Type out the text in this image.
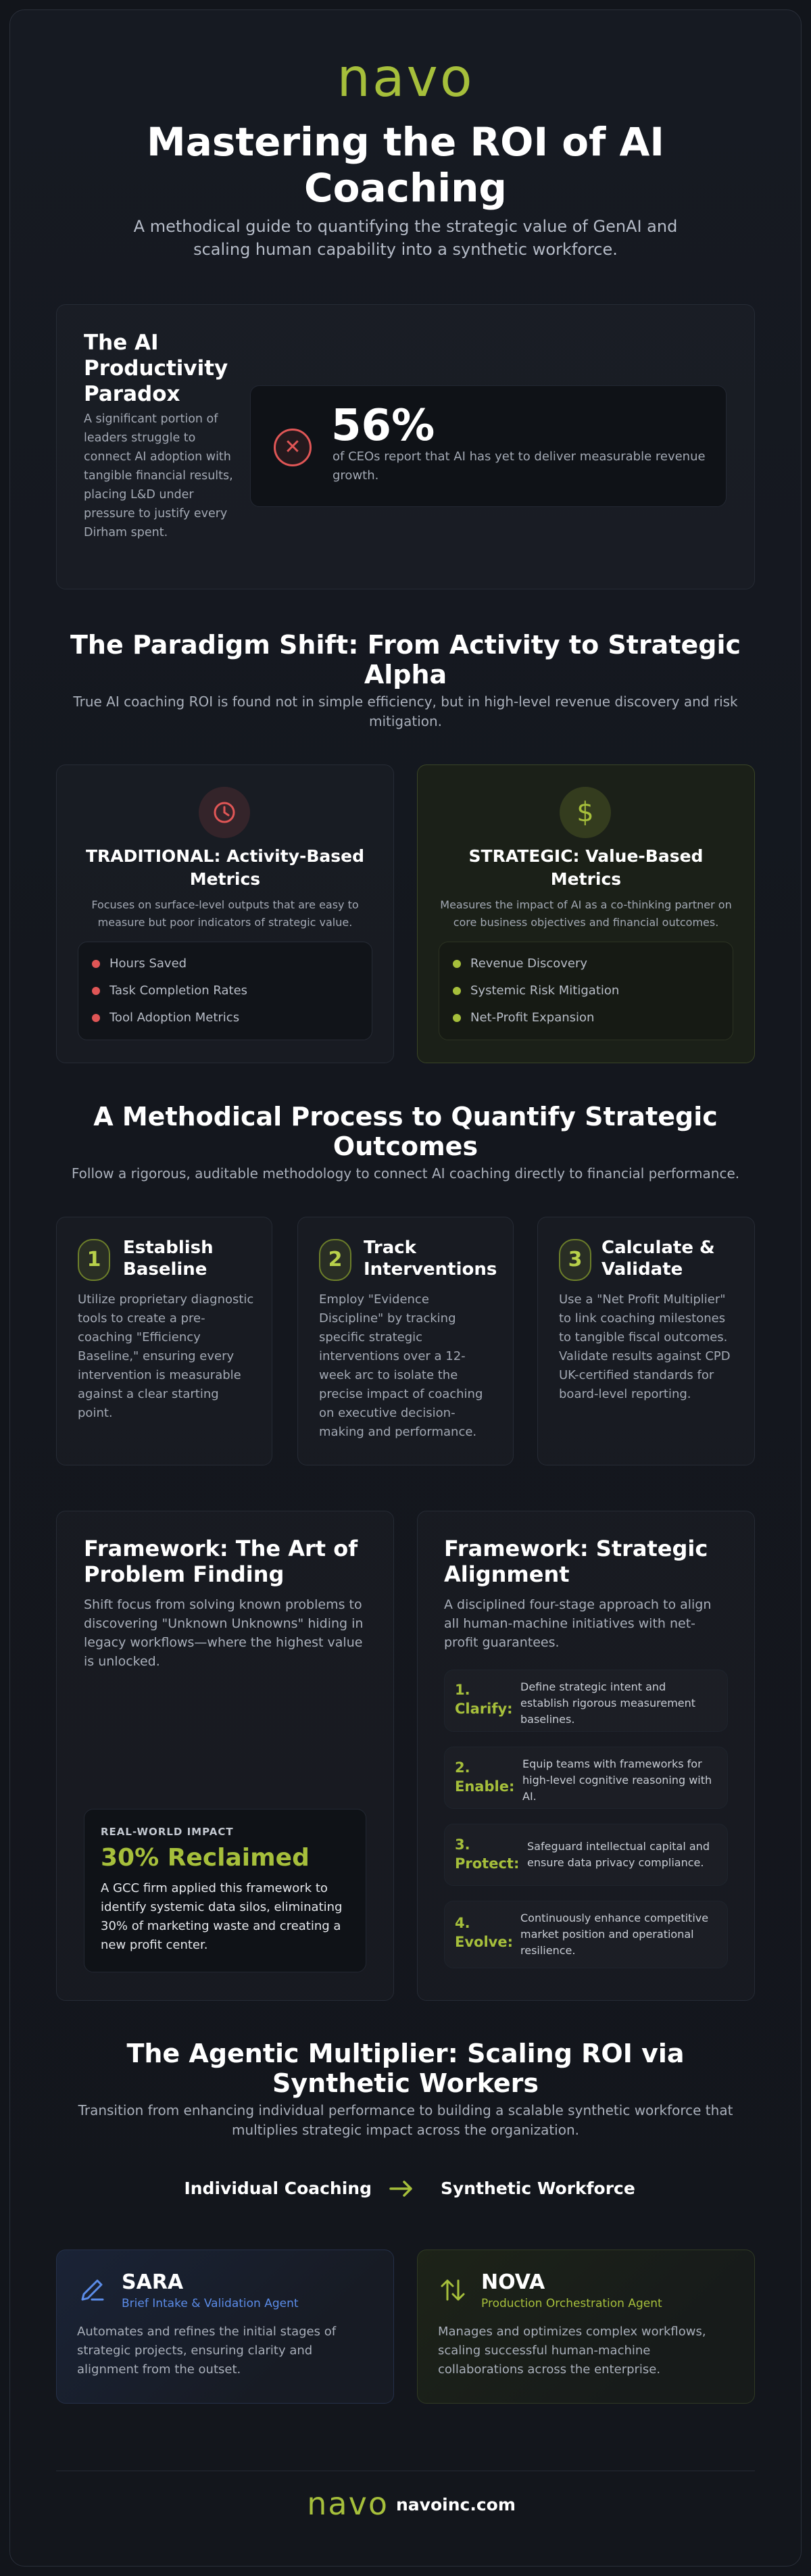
navo
Mastering the ROI of AI Coaching
A methodical guide to quantifying the strategic value of GenAI and scaling human capability into a synthetic workforce.
The AI Productivity Paradox
A significant portion of leaders struggle to connect AI adoption with tangible financial results, placing L&D under pressure to justify every Dirham spent.
✕ 56%
of CEOs report that AI has yet to deliver measurable revenue growth.
The Paradigm Shift: From Activity to Strategic Alpha
True AI coaching ROI is found not in simple efficiency, but in high-level revenue discovery and risk mitigation.
TRADITIONAL: Activity-Based Metrics
Focuses on surface-level outputs that are easy to measure but poor indicators of strategic value.
Hours Saved
Task Completion Rates
Tool Adoption Metrics
$
STRATEGIC: Value-Based Metrics
Measures the impact of AI as a co-thinking partner on core business objectives and financial outcomes.
Revenue Discovery
Systemic Risk Mitigation
Net-Profit Expansion
A Methodical Process to Quantify Strategic Outcomes
Follow a rigorous, auditable methodology to connect AI coaching directly to financial performance.
1	Establish Baseline
Utilize proprietary diagnostic tools to create a pre-coaching "Efficiency Baseline," ensuring every intervention is measurable against a clear starting point.
2	Track Interventions
Employ "Evidence Discipline" by tracking specific strategic interventions over a 12-week arc to isolate the precise impact of coaching on executive decision-making and performance.
3	Calculate & Validate
Use a "Net Profit Multiplier" to link coaching milestones to tangible fiscal outcomes. Validate results against CPD UK-certified standards for board-level reporting.
Framework: The Art of Problem Finding
Shift focus from solving known problems to discovering "Unknown Unknowns" hiding in legacy workflows—where the highest value is unlocked.
REAL-WORLD IMPACT
30% Reclaimed
A GCC firm applied this framework to identify systemic data silos, eliminating 30% of marketing waste and creating a new profit center.
Framework: Strategic Alignment
A disciplined four-stage approach to align all human-machine initiatives with net-profit guarantees.
1.
Clarify:
Define strategic intent and establish rigorous measurement baselines.
2.
Enable:
Equip teams with frameworks for high-level cognitive reasoning with AI.
3.
Protect:
Safeguard intellectual capital and ensure data privacy compliance.
4.
Evolve:
Continuously enhance competitive market position and operational resilience.
The Agentic Multiplier: Scaling ROI via Synthetic Workers
Transition from enhancing individual performance to building a scalable synthetic workforce that multiplies strategic impact across the organization.
Individual Coaching	Synthetic Workforce
SARA
Brief Intake & Validation Agent
Automates and refines the initial stages of strategic projects, ensuring clarity and alignment from the outset.
NOVA
Production Orchestration Agent
Manages and optimizes complex workflows, scaling successful human-machine collaborations across the enterprise.
navo navoinc.com
